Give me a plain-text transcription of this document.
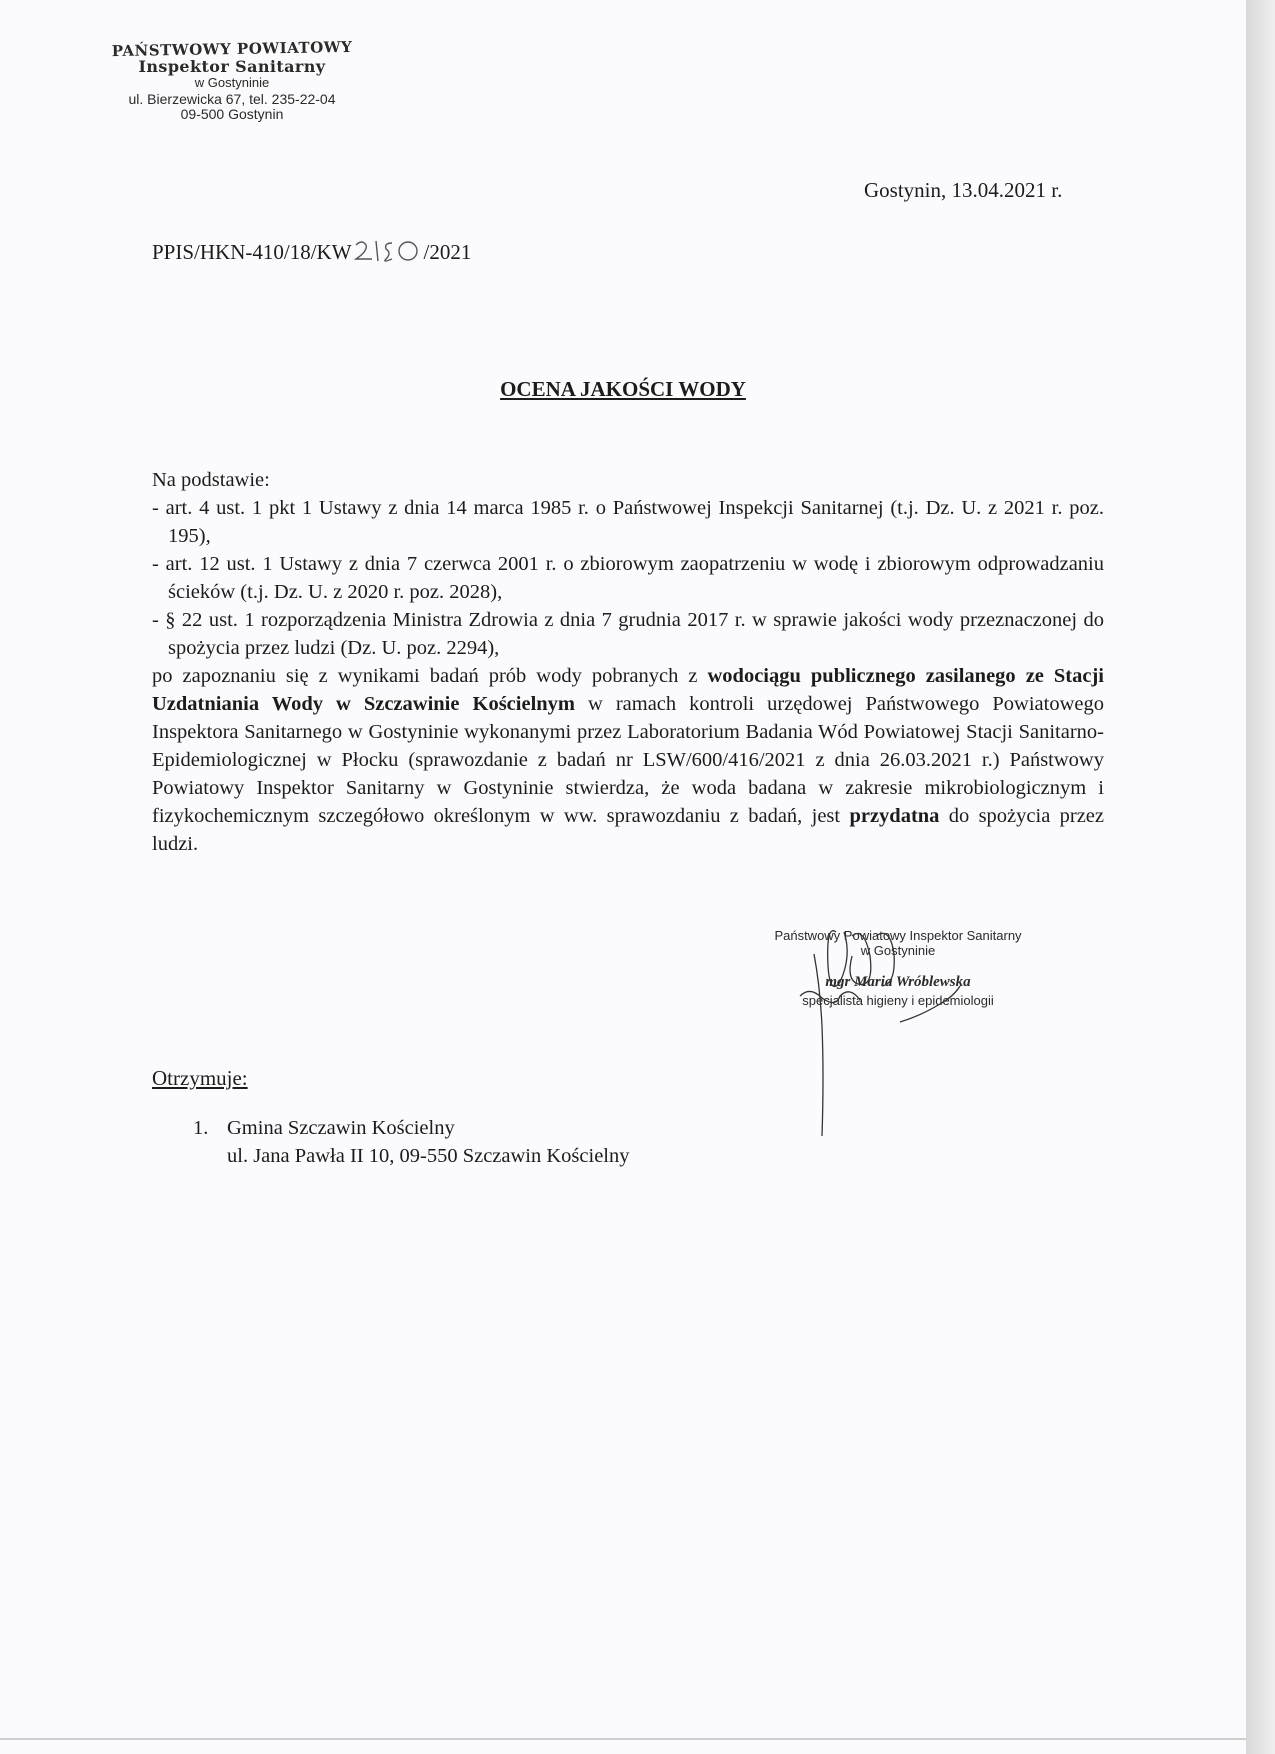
PAŃSTWOWY POWIATOWY
Inspektor Sanitarny
w Gostyninie
ul. Bierzewicka 67, tel. 235-22-04
09-500 Gostynin
Gostynin, 13.04.2021 r.
PPIS/HKN-410/18/KW	/2021
OCENA JAKOŚCI WODY

Na podstawie:

- art. 4 ust. 1 pkt 1 Ustawy z dnia 14 marca 1985 r. o Państwowej Inspekcji Sanitarnej (t.j. Dz. U. z 2021 r. poz. 195),

- art. 12 ust. 1 Ustawy z dnia 7 czerwca 2001 r. o zbiorowym zaopatrzeniu w wodę i zbiorowym odprowadzaniu ścieków (t.j. Dz. U. z 2020 r. poz. 2028),

- § 22 ust. 1 rozporządzenia Ministra Zdrowia z dnia 7 grudnia 2017 r. w sprawie jakości wody przeznaczonej do spożycia przez ludzi (Dz. U. poz. 2294),

po zapoznaniu się z wynikami badań prób wody pobranych z wodociągu publicznego zasilanego ze Stacji Uzdatniania Wody w Szczawinie Kościelnym w ramach kontroli urzędowej Państwowego Powiatowego Inspektora Sanitarnego w Gostyninie wykonanymi przez Laboratorium Badania Wód Powiatowej Stacji Sanitarno-Epidemiologicznej w Płocku (sprawozdanie z badań nr LSW/600/416/2021 z dnia 26.03.2021 r.) Państwowy Powiatowy Inspektor Sanitarny w Gostyninie stwierdza, że woda badana w zakresie mikrobiologicznym i fizykochemicznym szczegółowo określonym w ww. sprawozdaniu z badań, jest przydatna do spożycia przez ludzi.

Państwowy Powiatowy Inspektor Sanitarny
w Gostyninie
mgr Maria Wróblewska
specjalista higieny i epidemiologii
Otrzymuje:
1. Gmina Szczawin Kościelny
ul. Jana Pawła II 10, 09-550 Szczawin Kościelny
